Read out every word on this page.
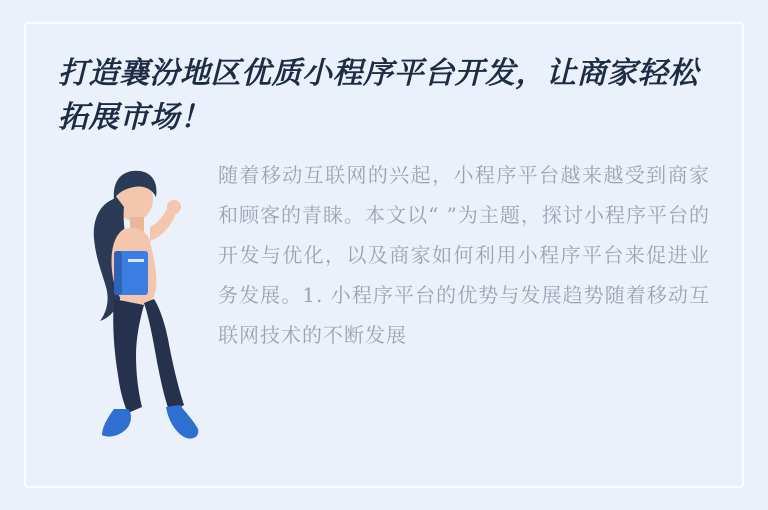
打造襄汾地区优质小程序平台开发，让商家轻松拓展市场！
随着移动互联网的兴起，小程序平台越来越受到商家和顾客的青睐。本文以“ ”为主题，探讨小程序平台的开发与优化，以及商家如何利用小程序平台来促进业务发展。1. 小程序平台的优势与发展趋势随着移动互联网技术的不断发展
